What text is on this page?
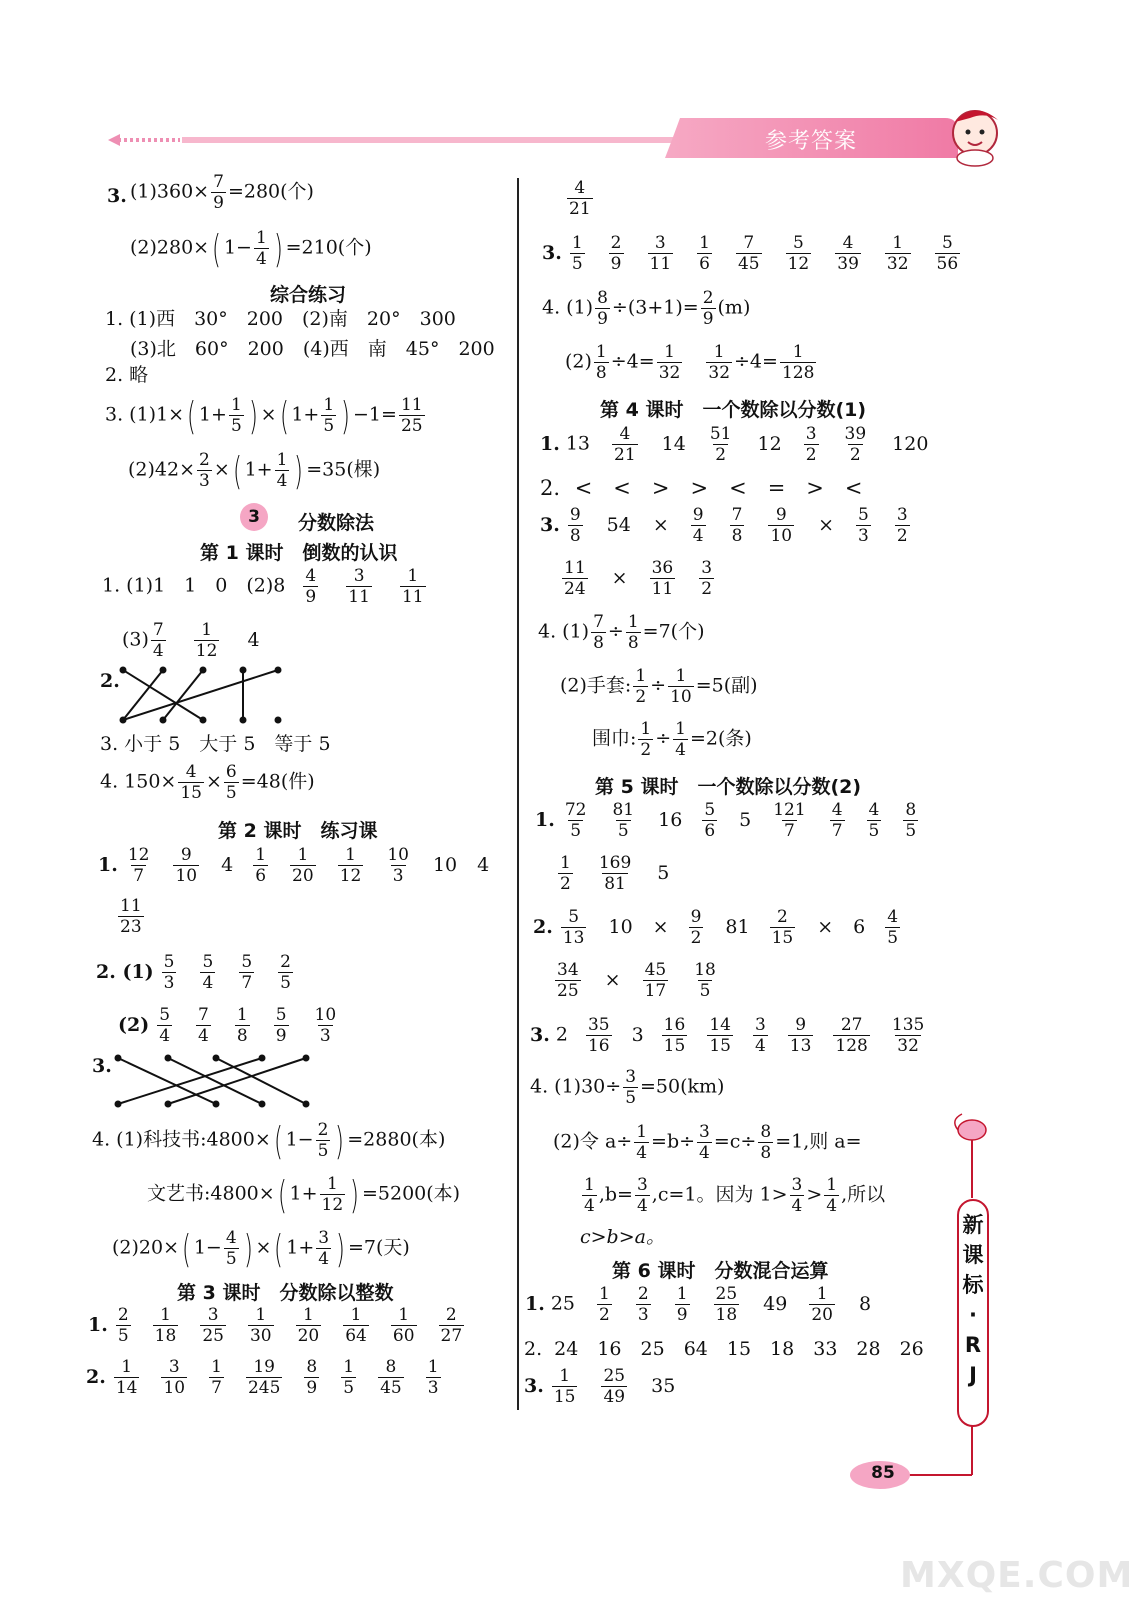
参考答案
3. $(1)360\times \frac{7}{9} =280$(个)
(2)280×( $1- \frac{1}{4}$ ) =210(个)
综合练习
1. (1)西　30°　200　(2)南　20°　300
(3)北　60°　200　(4)西　南　45°　200
2. 略
3. (1)1×( $1+ \frac{1}{5}$ ) ×( $1+ \frac{1}{5}$ ) $-1= \frac{11}{25}$
$(2)42\times \frac{2}{3}$ ×( $1+ \frac{1}{4}$ ) =35(棵)
3	分数除法
第 1 课时　倒数的认识
1. (1)1　1　0　$(2)8 \frac{4}{9}$
$\frac{3}{11}$
$\frac{1}{11}$
$(3) \frac{7}{4}$
$\frac{1}{12} 4$
2.
3. 小于 5　大于 5　等于 5
4. $150\times \frac{4}{15} \times \frac{6}{5} =48$(件)
第 2 课时　练习课
1. $\frac{12}{7} \frac{9}{10} 4 \frac{1}{6} \frac{1}{20} \frac{1}{12} \frac{10}{3} 10$ 4
$\frac{11}{23}$
2. $(1) \frac{5}{3} \frac{5}{4} \frac{5}{7} \frac{2}{5}$
$(2) \frac{5}{4} \frac{7}{4} \frac{1}{8} \frac{5}{9} \frac{10}{3}$
3.
4. (1)科技书:4800×( $1- \frac{2}{5}$ ) =2880(本)
文艺书:4800×( $1+ \frac{1}{12}$ ) =5200(本)
(2)20×( $1- \frac{4}{5}$ ) ×( $1+ \frac{3}{4}$ ) =7(天)
第 3 课时　分数除以整数
1. $\frac{2}{5} \frac{1}{18} \frac{3}{25} \frac{1}{30} \frac{1}{20} \frac{1}{64} \frac{1}{60} \frac{2}{27}$
2. $\frac{1}{14} \frac{3}{10} \frac{1}{7} \frac{19}{245} \frac{8}{9} \frac{1}{5} \frac{8}{45} \frac{1}{3}$
$\frac{4}{21}$
3. $\frac{1}{5} \frac{2}{9} \frac{3}{11} \frac{1}{6} \frac{7}{45} \frac{5}{12} \frac{4}{39} \frac{1}{32} \frac{5}{56}$
4. $(1) \frac{8}{9} \div(3+1)= \frac{2}{9} (m)$
$(2) \frac{1}{8} \div 4= \frac{1}{32}$
$\frac{1}{32} \div 4= \frac{1}{128}$
第 4 课时　一个数除以分数(1)
1. $13 \frac{4}{21} 14 \frac{51}{2} 12 \frac{3}{2} \frac{39}{2} 120$
2. <　<　>　>　<　=　>　<
3. $\frac{9}{8} 54 \times \frac{9}{4} \frac{7}{8} \frac{9}{10} \times \frac{5}{3} \frac{3}{2}$
$\frac{11}{24} \times \frac{36}{11} \frac{3}{2}$
4. $(1) \frac{7}{8} \div \frac{1}{8} =7$(个)
(2)手套: $\frac{1}{2} \div \frac{1}{10} =5$(副)
围巾: $\frac{1}{2} \div \frac{1}{4} =2$(条)
第 5 课时　一个数除以分数(2)
1. $\frac{72}{5} \frac{81}{5} 16 \frac{5}{6} 5 \frac{121}{7} \frac{4}{7} \frac{4}{5} \frac{8}{5}$
$\frac{1}{2} \frac{169}{81} 5$
2. $\frac{5}{13} 10 \times \frac{9}{2} 81 \frac{2}{15} \times 6 \frac{4}{5}$
$\frac{34}{25} \times \frac{45}{17} \frac{18}{5}$
3. $2 \frac{35}{16} 3 \frac{16}{15} \frac{14}{15} \frac{3}{4} \frac{9}{13} \frac{27}{128} \frac{135}{32}$
4. $(1)30\div \frac{3}{5} =50(km)$
(2)令 $a\div \frac{1}{4} =b\div \frac{3}{4} =c\div \frac{8}{8} =1$,则 a=
$\frac{1}{4} ,b= \frac{3}{4} ,c=1$。因为 $1> \frac{3}{4} > \frac{1}{4}$ ,所以
c>b>a。
第 6 课时　分数混合运算
1. $25 \frac{1}{2} \frac{2}{3} \frac{1}{9} \frac{25}{18} 49 \frac{1}{20} 8$
2. 24　16　25　64　15　18　33　28　26
3. $\frac{1}{15} \frac{25}{49} 35$
新
课
标
·
R
J
85
MXQE.COM
